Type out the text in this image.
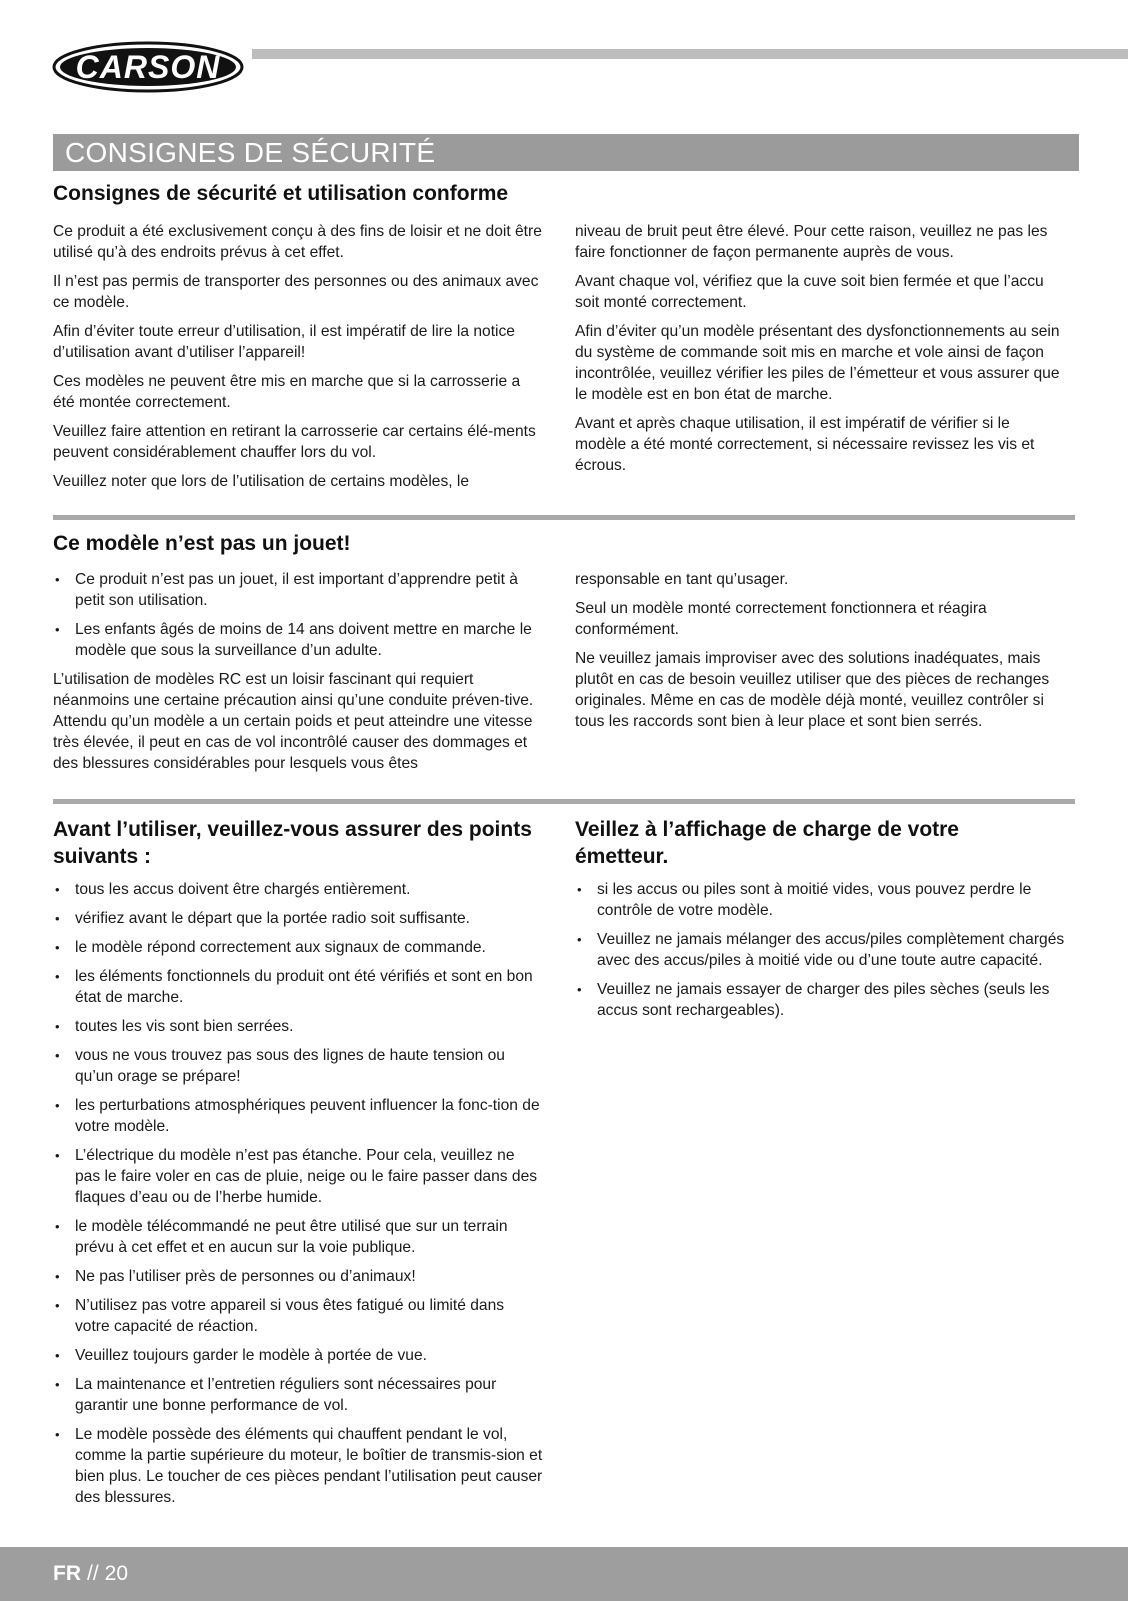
CARSON
CONSIGNES DE SÉCURITÉ
Consignes de sécurité et utilisation conforme

Ce produit a été exclusivement conçu à des fins de loisir et ne doit être utilisé qu’à des endroits prévus à cet effet.

Il n’est pas permis de transporter des personnes ou des animaux avec ce modèle.

Afin d’éviter toute erreur d’utilisation, il est impératif de lire la notice d’utilisation avant d’utiliser l’appareil!

Ces modèles ne peuvent être mis en marche que si la carrosserie a été montée correctement.

Veuillez faire attention en retirant la carrosserie car certains élé-ments peuvent considérablement chauffer lors du vol.

Veuillez noter que lors de l’utilisation de certains modèles, le

niveau de bruit peut être élevé. Pour cette raison, veuillez ne pas les faire fonctionner de façon permanente auprès de vous.

Avant chaque vol, vérifiez que la cuve soit bien fermée et que l’accu soit monté correctement.

Afin d’éviter qu’un modèle présentant des dysfonctionnements au sein du système de commande soit mis en marche et vole ainsi de façon incontrôlée, veuillez vérifier les piles de l’émetteur et vous assurer que le modèle est en bon état de marche.

Avant et après chaque utilisation, il est impératif de vérifier si le modèle a été monté correctement, si nécessaire revissez les vis et écrous.

Ce modèle n’est pas un jouet!
• Ce produit n’est pas un jouet, il est important d’apprendre petit à petit son utilisation.
• Les enfants âgés de moins de 14 ans doivent mettre en marche le modèle que sous la surveillance d’un adulte.

L’utilisation de modèles RC est un loisir fascinant qui requiert néanmoins une certaine précaution ainsi qu’une conduite préven-tive. Attendu qu’un modèle a un certain poids et peut atteindre une vitesse très élevée, il peut en cas de vol incontrôlé causer des dommages et des blessures considérables pour lesquels vous êtes

responsable en tant qu’usager.

Seul un modèle monté correctement fonctionnera et réagira conformément.

Ne veuillez jamais improviser avec des solutions inadéquates, mais plutôt en cas de besoin veuillez utiliser que des pièces de rechanges originales. Même en cas de modèle déjà monté, veuillez contrôler si tous les raccords sont bien à leur place et sont bien serrés.

Avant l’utiliser, veuillez-vous assurer des points suivants :
• tous les accus doivent être chargés entièrement.
• vérifiez avant le départ que la portée radio soit suffisante.
• le modèle répond correctement aux signaux de commande.
• les éléments fonctionnels du produit ont été vérifiés et sont en bon état de marche.
• toutes les vis sont bien serrées.
• vous ne vous trouvez pas sous des lignes de haute tension ou qu’un orage se prépare!
• les perturbations atmosphériques peuvent influencer la fonc-tion de votre modèle.
• L’électrique du modèle n’est pas étanche. Pour cela, veuillez ne pas le faire voler en cas de pluie, neige ou le faire passer dans des flaques d’eau ou de l’herbe humide.
• le modèle télécommandé ne peut être utilisé que sur un terrain prévu à cet effet et en aucun sur la voie publique.
• Ne pas l’utiliser près de personnes ou d’animaux!
• N’utilisez pas votre appareil si vous êtes fatigué ou limité dans votre capacité de réaction.
• Veuillez toujours garder le modèle à portée de vue.
• La maintenance et l’entretien réguliers sont nécessaires pour garantir une bonne performance de vol.
• Le modèle possède des éléments qui chauffent pendant le vol, comme la partie supérieure du moteur, le boîtier de transmis-sion et bien plus. Le toucher de ces pièces pendant l’utilisation peut causer des blessures.
Veillez à l’affichage de charge de votre émetteur.
• si les accus ou piles sont à moitié vides, vous pouvez perdre le contrôle de votre modèle.
• Veuillez ne jamais mélanger des accus/piles complètement chargés avec des accus/piles à moitié vide ou d’une toute autre capacité.
• Veuillez ne jamais essayer de charger des piles sèches (seuls les accus sont rechargeables).
FR // 20
